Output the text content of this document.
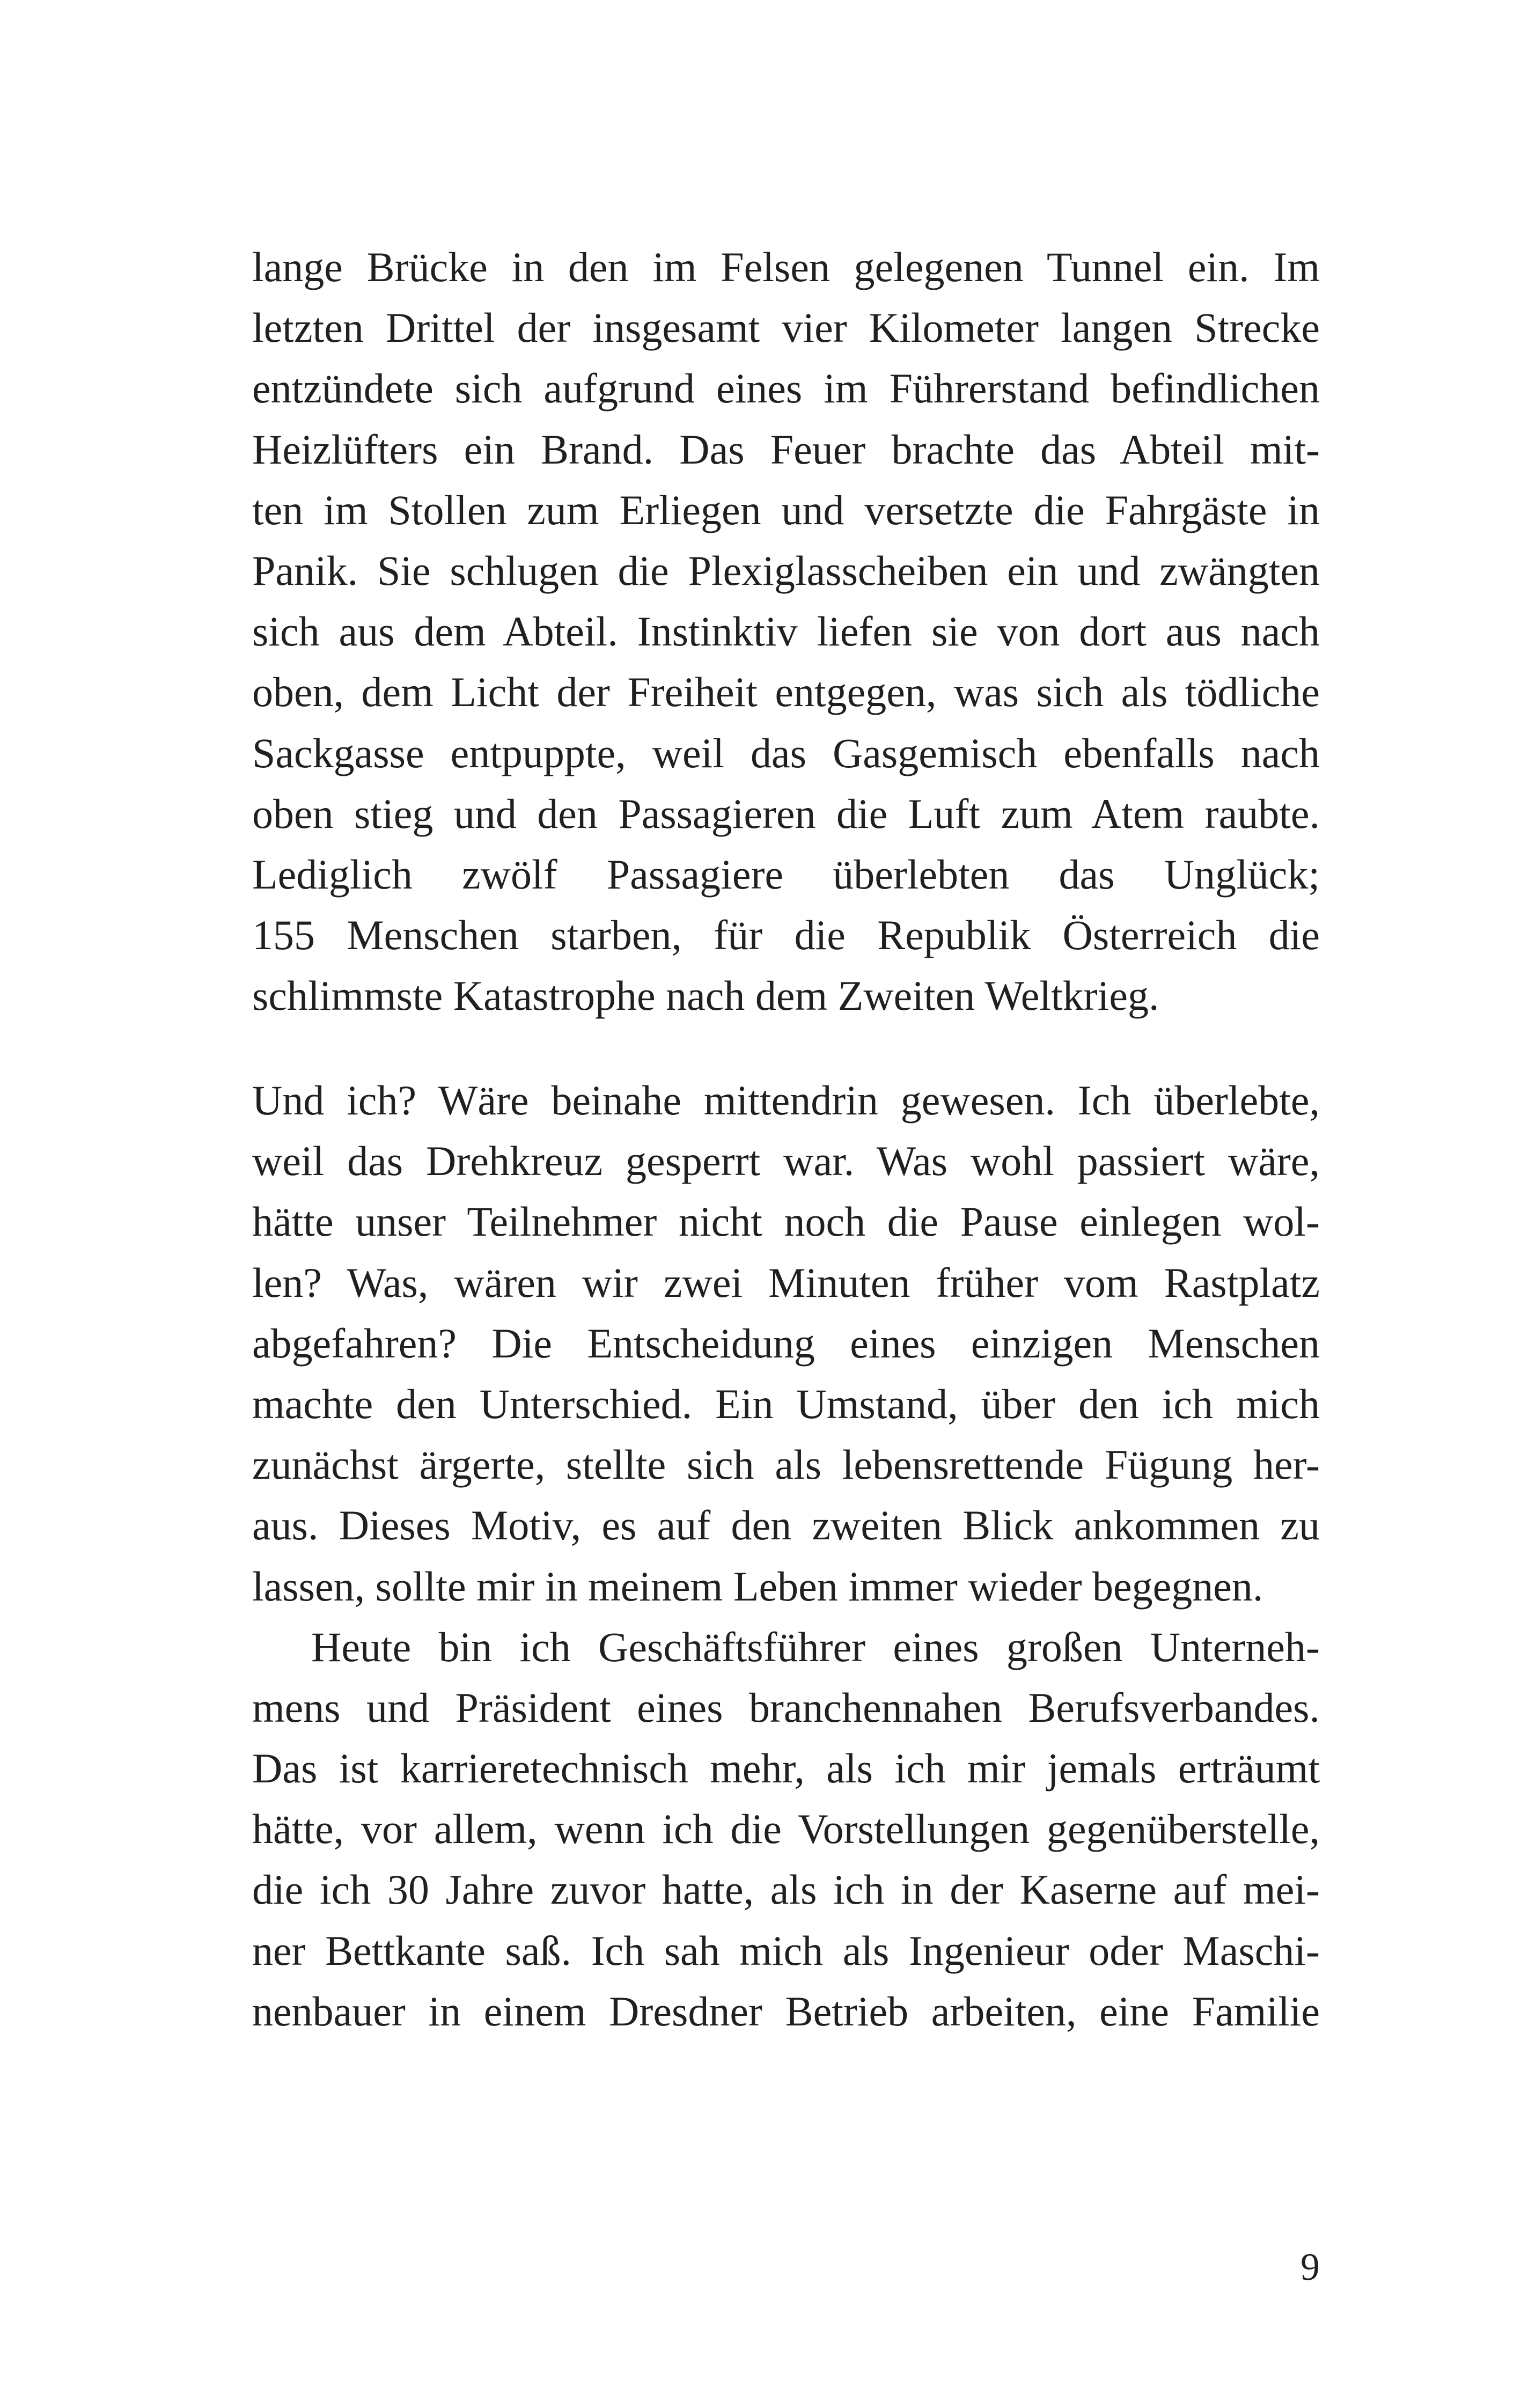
lange Brücke in den im Felsen gelegenen Tunnel ein. Im
letzten Drittel der insgesamt vier Kilometer langen Strecke
entzündete sich aufgrund eines im Führerstand befindlichen
Heizlüfters ein Brand. Das Feuer brachte das Abteil mit-
ten im Stollen zum Erliegen und versetzte die Fahrgäste in
Panik. Sie schlugen die Plexiglasscheiben ein und zwängten
sich aus dem Abteil. Instinktiv liefen sie von dort aus nach
oben, dem Licht der Freiheit entgegen, was sich als tödliche
Sackgasse entpuppte, weil das Gasgemisch ebenfalls nach
oben stieg und den Passagieren die Luft zum Atem raubte.
Lediglich zwölf Passagiere überlebten das Unglück;
155 Menschen starben, für die Republik Österreich die
schlimmste Katastrophe nach dem Zweiten Weltkrieg.
Und ich? Wäre beinahe mittendrin gewesen. Ich überlebte,
weil das Drehkreuz gesperrt war. Was wohl passiert wäre,
hätte unser Teilnehmer nicht noch die Pause einlegen wol-
len? Was, wären wir zwei Minuten früher vom Rastplatz
abgefahren? Die Entscheidung eines einzigen Menschen
machte den Unterschied. Ein Umstand, über den ich mich
zunächst ärgerte, stellte sich als lebensrettende Fügung her-
aus. Dieses Motiv, es auf den zweiten Blick ankommen zu
lassen, sollte mir in meinem Leben immer wieder begegnen.
Heute bin ich Geschäftsführer eines großen Unterneh-
mens und Präsident eines branchennahen Berufsverbandes.
Das ist karrieretechnisch mehr, als ich mir jemals erträumt
hätte, vor allem, wenn ich die Vorstellungen gegenüberstelle,
die ich 30 Jahre zuvor hatte, als ich in der Kaserne auf mei-
ner Bettkante saß. Ich sah mich als Ingenieur oder Maschi-
nenbauer in einem Dresdner Betrieb arbeiten, eine Familie
9
